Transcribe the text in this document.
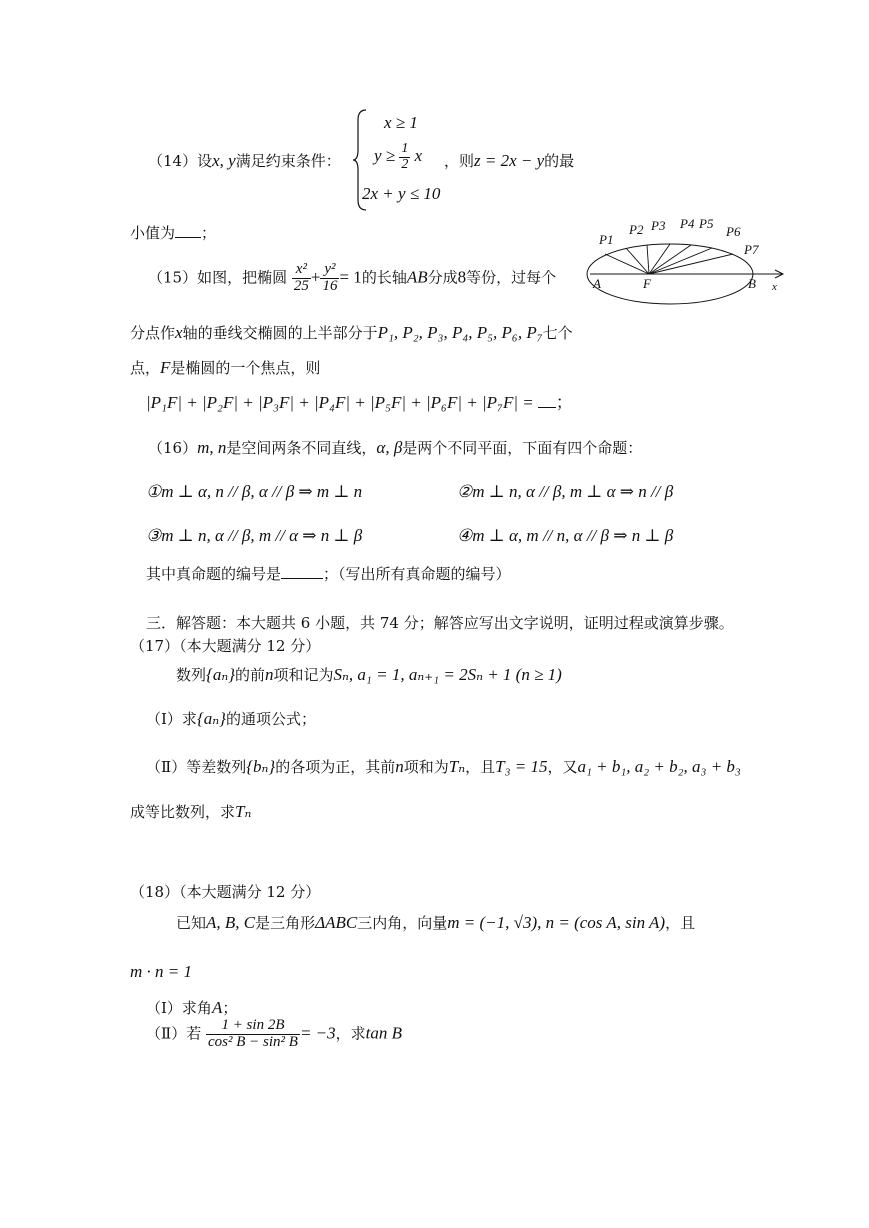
（14）设x, y满足约束条件：
x ≥ 1
$y \ge \frac{1}{2}$ x
2x + y ≤ 10
，则z = 2x − y的最
小值为 ；
（15）如图，把椭圆 $\frac{\text{x²}}{25} + \frac{\text{y²}}{16} = 1$的长轴AB分成8等份，过每个
分点作x轴的垂线交椭圆的上半部分于P₁, P₂, P₃, P₄, P₅, P₆, P₇七个
点，F是椭圆的一个焦点，则
|P₁F| + |P₂F| + |P₃F| + |P₄F| + |P₅F| + |P₆F| + |P₇F| = ；
P1
P2 P3 P4 P5
P6
P7
A	F	B x
（16）m, n是空间两条不同直线，α, β是两个不同平面，下面有四个命题：
①m ⊥ α, n // β, α // β ⇒ m ⊥ n	②m ⊥ n, α // β, m ⊥ α ⇒ n // β
③m ⊥ n, α // β, m // α ⇒ n ⊥ β	④m ⊥ α, m // n, α // β ⇒ n ⊥ β
其中真命题的编号是	；（写出所有真命题的编号）
三．解答题：本大题共 6 小题，共 74 分；解答应写出文字说明，证明过程或演算步骤。
（17）（本大题满分 12 分）
数列{aₙ}的前n项和记为Sₙ, a₁ = 1, aₙ₊₁ = 2Sₙ + 1 (n ≥ 1)
（Ⅰ）求{aₙ}的通项公式；
（Ⅱ）等差数列{bₙ}的各项为正，其前n项和为Tₙ，且T₃ = 15，又a₁ + b₁, a₂ + b₂, a₃ + b₃
成等比数列，求Tₙ
（18）（本大题满分 12 分）
已知A, B, C是三角形ΔABC三内角，向量m = (−1, √3), n = (cos A, sin A)，且
m · n = 1
（Ⅰ）求角A；
（Ⅱ）若 $\frac{1 + \sin 2B}{\text{cos² B − sin² B}} = -3$，求tan B
